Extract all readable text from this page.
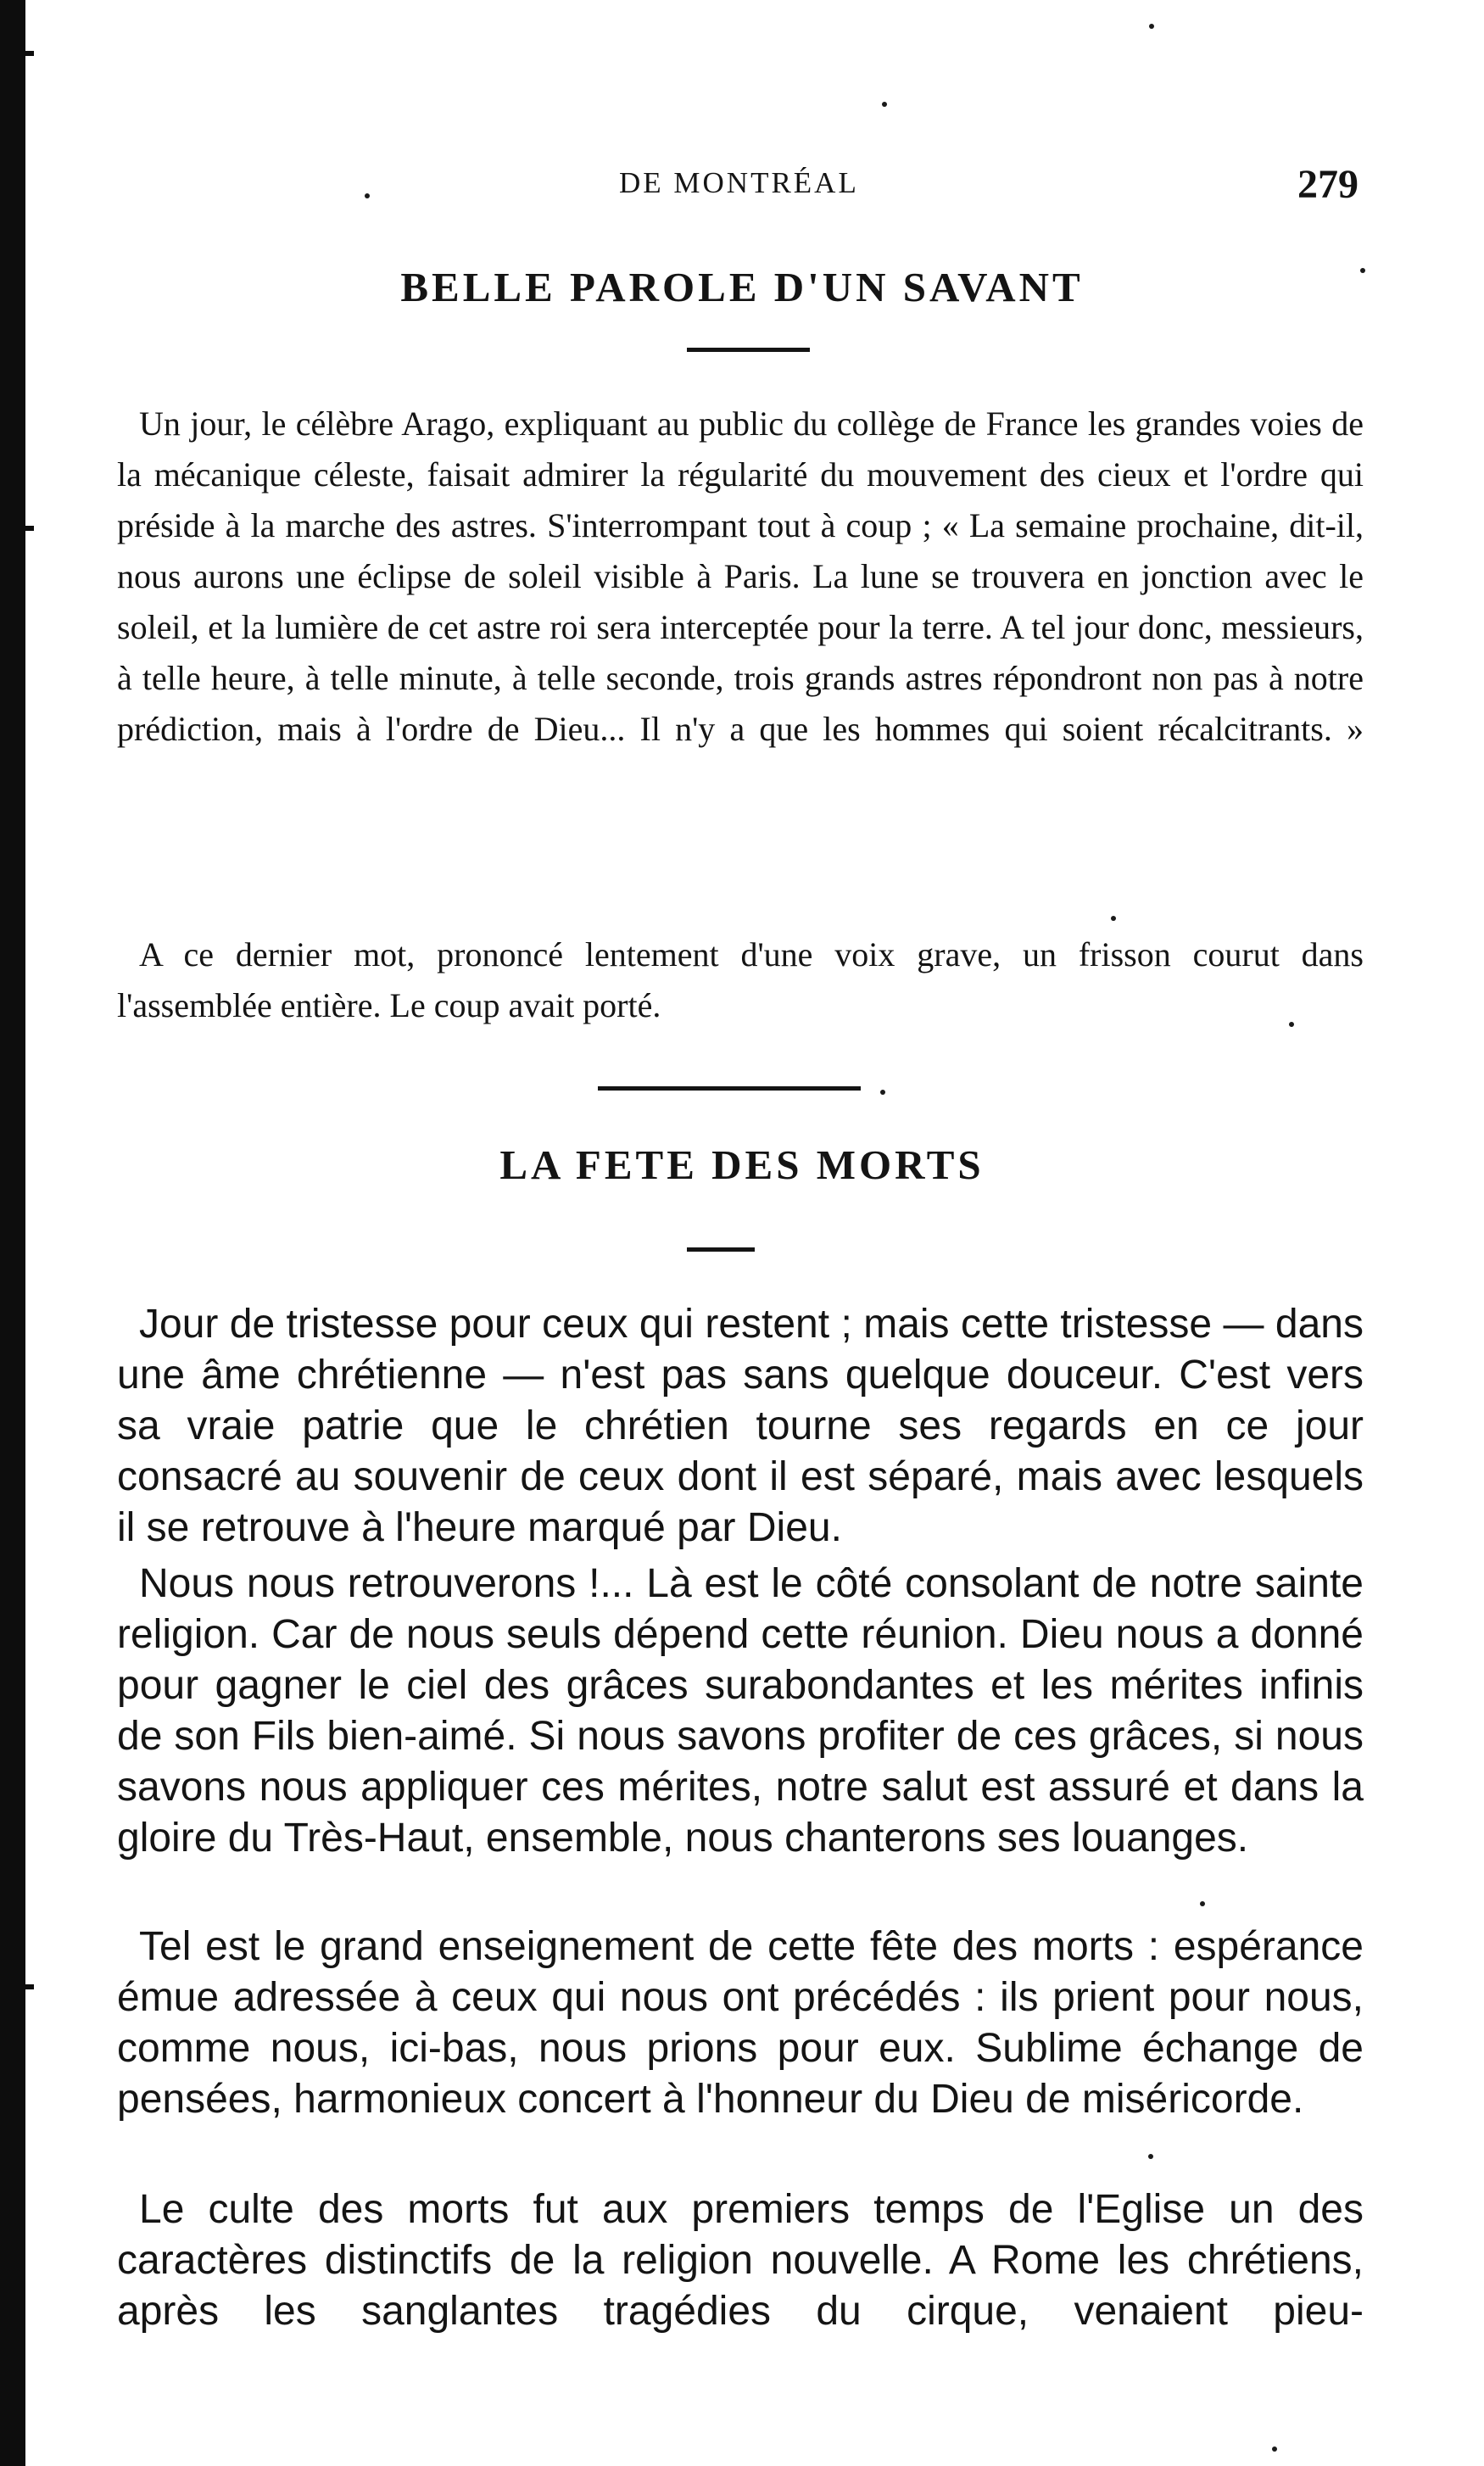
DE MONTRÉAL	279
BELLE PAROLE D'UN SAVANT
Un jour, le célèbre Arago, expliquant au public du collège de France les grandes voies de la mécanique céleste, faisait admirer la régularité du mouvement des cieux et l'ordre qui préside à la marche des astres. S'interrompant tout à coup ; « La semaine prochaine, dit-il, nous aurons une éclipse de soleil visible à Paris. La lune se trouvera en jonction avec le soleil, et la lumière de cet astre roi sera interceptée pour la terre. A tel jour donc, messieurs, à telle heure, à telle minute, à telle seconde, trois grands astres répondront non pas à notre prédiction, mais à l'ordre de Dieu... Il n'y a que les hommes qui soient récalcitrants. »
A ce dernier mot, prononcé lentement d'une voix grave, un frisson courut dans l'assemblée entière. Le coup avait porté.
LA FETE DES MORTS
Jour de tristesse pour ceux qui restent ; mais cette tristesse — dans une âme chrétienne — n'est pas sans quelque douceur. C'est vers sa vraie patrie que le chrétien tourne ses regards en ce jour consacré au souvenir de ceux dont il est séparé, mais avec lesquels il se retrouve à l'heure marqué par Dieu.
Nous nous retrouverons !... Là est le côté consolant de notre sainte religion. Car de nous seuls dépend cette réunion. Dieu nous a donné pour gagner le ciel des grâces surabondantes et les mérites infinis de son Fils bien-aimé. Si nous savons profiter de ces grâces, si nous savons nous appliquer ces mérites, notre salut est assuré et dans la gloire du Très-Haut, ensemble, nous chanterons ses louanges.
Tel est le grand enseignement de cette fête des morts : espérance émue adressée à ceux qui nous ont précédés : ils prient pour nous, comme nous, ici-bas, nous prions pour eux. Sublime échange de pensées, harmonieux concert à l'honneur du Dieu de miséricorde.
Le culte des morts fut aux premiers temps de l'Eglise un des caractères distinctifs de la religion nouvelle. A Rome les chrétiens, après les sanglantes tragédies du cirque, venaient pieu-
